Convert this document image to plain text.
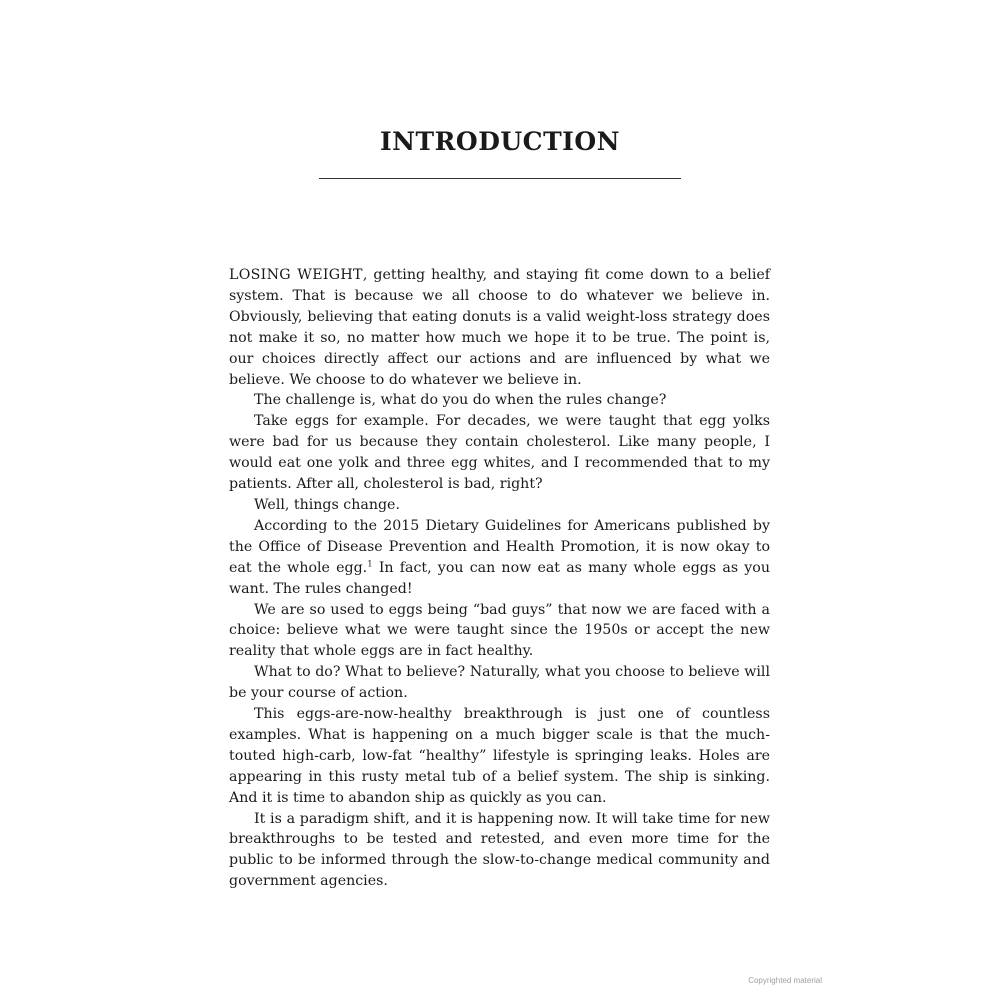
INTRODUCTION

LOSING WEIGHT, getting healthy, and staying fit come down to a belief system. That is because we all choose to do whatever we believe in. Obviously, believing that eating donuts is a valid weight-loss strategy does not make it so, no matter how much we hope it to be true. The point is, our choices directly affect our actions and are influenced by what we believe. We choose to do whatever we believe in.

The challenge is, what do you do when the rules change?

Take eggs for example. For decades, we were taught that egg yolks were bad for us because they contain cholesterol. Like many people, I would eat one yolk and three egg whites, and I recommended that to my patients. After all, cholesterol is bad, right?

Well, things change.

According to the 2015 Dietary Guidelines for Americans published by the Office of Disease Prevention and Health Promotion, it is now okay to eat the whole egg.$^1$ In fact, you can now eat as many whole eggs as you want. The rules changed!

We are so used to eggs being “bad guys” that now we are faced with a choice: believe what we were taught since the 1950s or accept the new reality that whole eggs are in fact healthy.

What to do? What to believe? Naturally, what you choose to believe will be your course of action.

This eggs-are-now-healthy breakthrough is just one of countless examples. What is happening on a much bigger scale is that the much-touted high-carb, low-fat “healthy” lifestyle is springing leaks. Holes are appearing in this rusty metal tub of a belief system. The ship is sinking. And it is time to abandon ship as quickly as you can.

It is a paradigm shift, and it is happening now. It will take time for new breakthroughs to be tested and retested, and even more time for the public to be informed through the slow-to-change medical community and government agencies.

Copyrighted material
